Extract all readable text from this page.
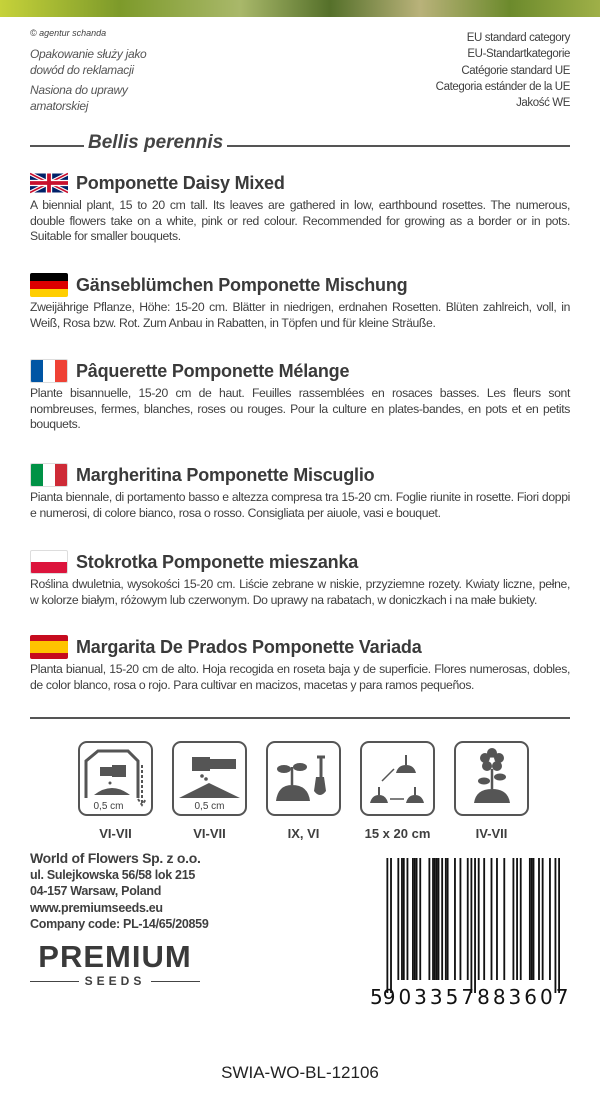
© agentur schanda
Opakowanie służy jako
dowód do reklamacji
Nasiona do uprawy
amatorskiej
EU standard category
EU-Standartkategorie
Catégorie standard UE
Categoria estánder de la UE
Jakość WE
Bellis perennis
Pomponette Daisy Mixed

A biennial plant, 15 to 20 cm tall. Its leaves are gathered in low, earthbound rosettes. The numerous, double flowers take on a white, pink or red colour. Recommended for growing as a border or in pots. Suitable for smaller bouquets.

Gänseblümchen Pomponette Mischung

Zweijährige Pflanze, Höhe: 15-20 cm. Blätter in niedrigen, erdnahen Rosetten. Blüten zahlreich, voll, in Weiß, Rosa bzw. Rot. Zum Anbau in Rabatten, in Töpfen und für kleine Sträuße.

Pâquerette Pomponette Mélange

Plante bisannuelle, 15-20 cm de haut. Feuilles rassemblées en rosaces basses. Les fleurs sont nombreuses, fermes, blanches, roses ou rouges. Pour la culture en plates-bandes, en pots et en petits bouquets.

Margheritina Pomponette Miscuglio

Pianta biennale, di portamento basso e altezza compresa tra 15-20 cm. Foglie riunite in rosette. Fiori doppi e numerosi, di colore bianco, rosa o rosso. Consigliata per aiuole, vasi e bouquet.

Stokrotka Pomponette mieszanka

Roślina dwuletnia, wysokości 15-20 cm. Liście zebrane w niskie, przyziemne rozety. Kwiaty liczne, pełne, w kolorze białym, różowym lub czerwonym. Do uprawy na rabatach, w doniczkach i na małe bukiety.

Margarita De Prados Pomponette Variada

Planta bianual, 15-20 cm de alto. Hoja recogida en roseta baja y de superficie. Flores numerosas, dobles, de color blanco, rosa o rojo. Para cultivar en macizos, macetas y para ramos pequeños.

0,5 cm
VI-VII
0,5 cm
VI-VII	IX, VI	15 x 20 cm	IV-VII
World of Flowers Sp. z o.o.
ul. Sulejkowska 56/58 lok 215
04-157 Warsaw, Poland
www.premiumseeds.eu
Company code: PL-14/65/20859
PREMIUM
SEEDS
5 903357 883607
SWIA-WO-BL-12106
